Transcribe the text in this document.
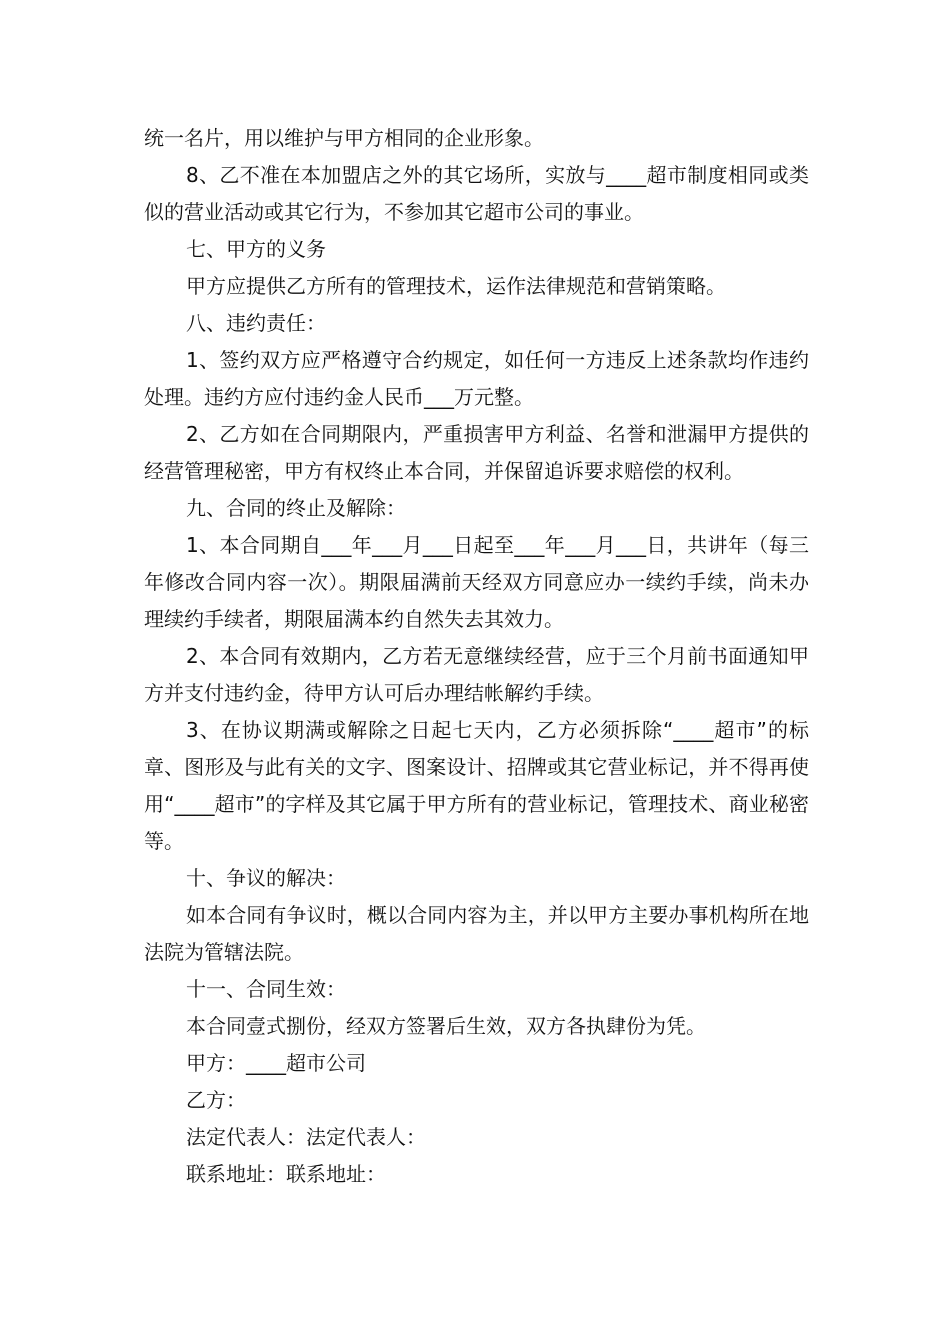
统一名片，用以维护与甲方相同的企业形象。

8、乙不准在本加盟店之外的其它场所，实放与____超市制度相同或类似的营业活动或其它行为，不参加其它超市公司的事业。

七、甲方的义务

甲方应提供乙方所有的管理技术，运作法律规范和营销策略。

八、违约责任：

1、签约双方应严格遵守合约规定，如任何一方违反上述条款均作违约处理。违约方应付违约金人民币___万元整。

2、乙方如在合同期限内，严重损害甲方利益、名誉和泄漏甲方提供的经营管理秘密，甲方有权终止本合同，并保留追诉要求赔偿的权利。

九、合同的终止及解除：

1、本合同期自___年___月___日起至___年___月___日，共讲年（每三年修改合同内容一次）。期限届满前天经双方同意应办一续约手续，尚未办理续约手续者，期限届满本约自然失去其效力。

2、本合同有效期内，乙方若无意继续经营，应于三个月前书面通知甲方并支付违约金，待甲方认可后办理结帐解约手续。

3、在协议期满或解除之日起七天内，乙方必须拆除“____超市”的标章、图形及与此有关的文字、图案设计、招牌或其它营业标记，并不得再使用“____超市”的字样及其它属于甲方所有的营业标记，管理技术、商业秘密等。

十、争议的解决：

如本合同有争议时，概以合同内容为主，并以甲方主要办事机构所在地法院为管辖法院。

十一、合同生效：

本合同壹式捌份，经双方签署后生效，双方各执肆份为凭。

甲方：____超市公司

乙方：

法定代表人：法定代表人：

联系地址：联系地址：
